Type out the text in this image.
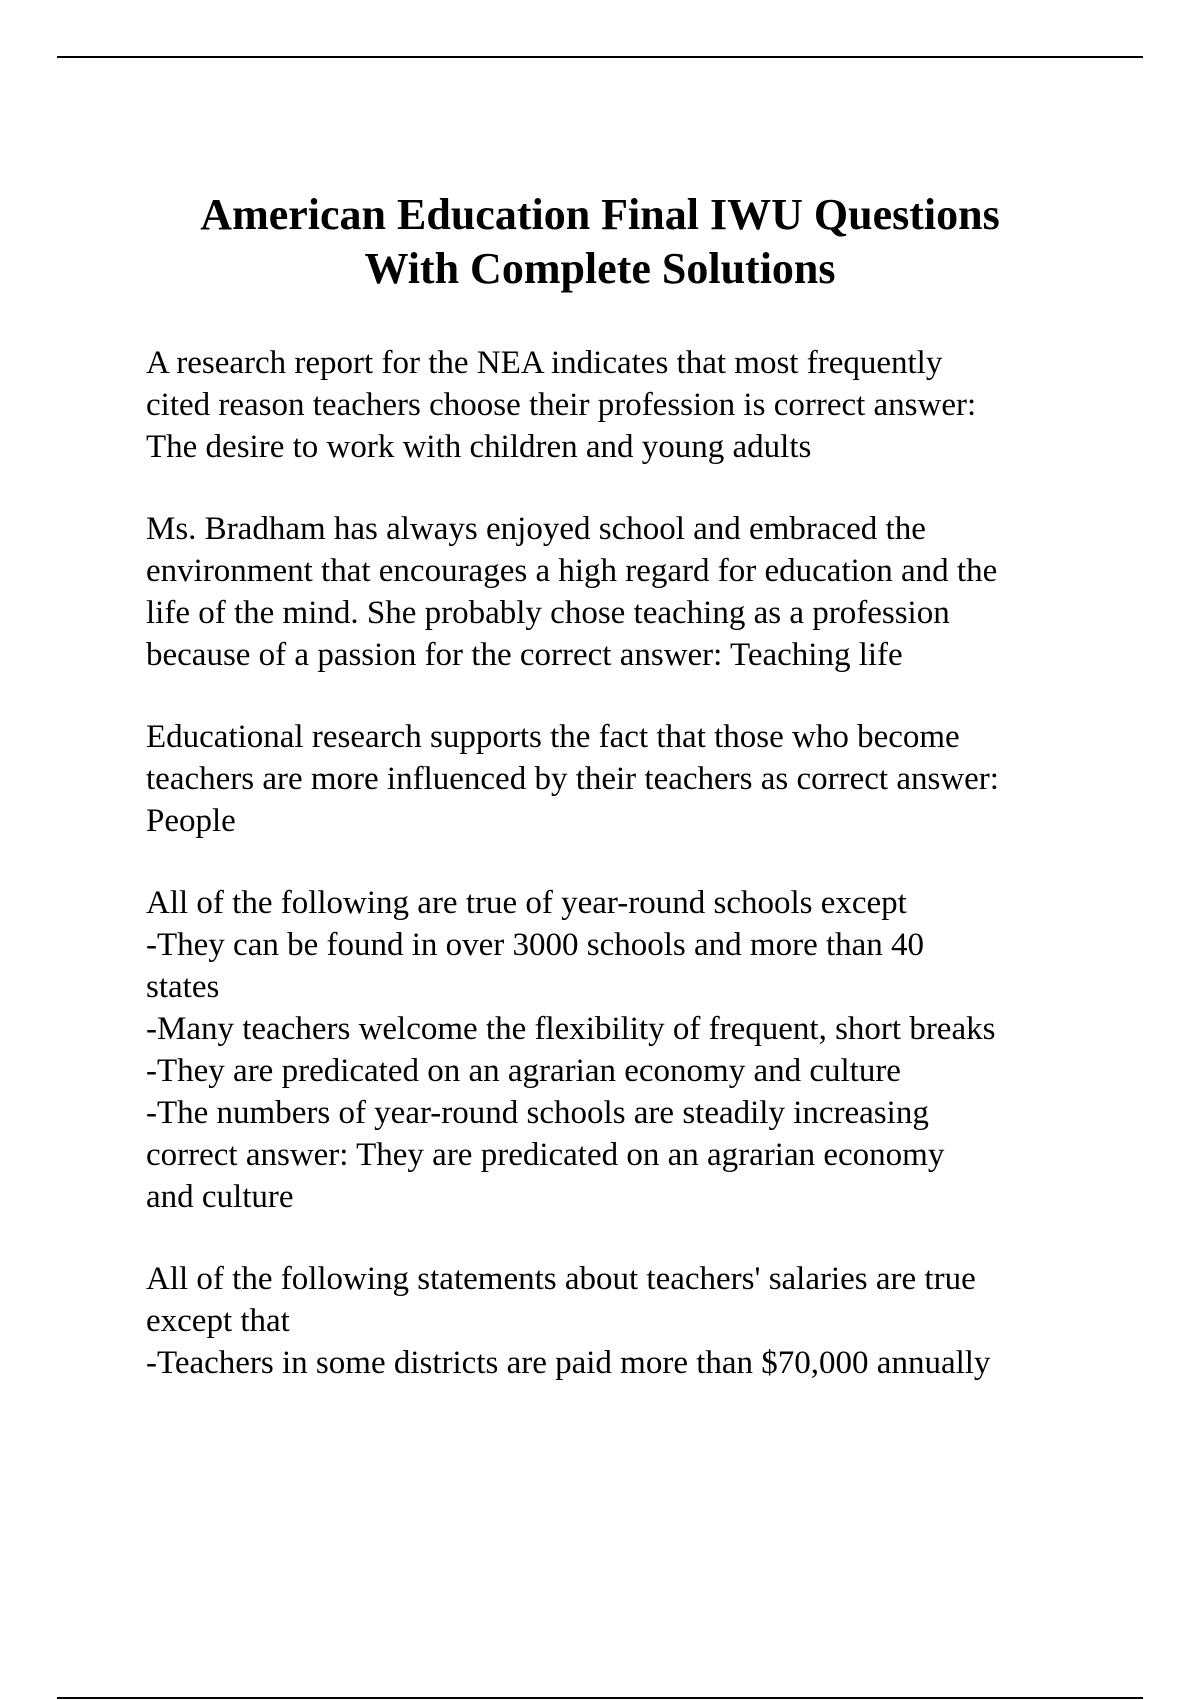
American Education Final IWU Questions
With Complete Solutions
A research report for the NEA indicates that most frequently
cited reason teachers choose their profession is correct answer:
The desire to work with children and young adults
Ms. Bradham has always enjoyed school and embraced the
environment that encourages a high regard for education and the
life of the mind. She probably chose teaching as a profession
because of a passion for the correct answer: Teaching life
Educational research supports the fact that those who become
teachers are more influenced by their teachers as correct answer:
People
All of the following are true of year-round schools except
-They can be found in over 3000 schools and more than 40
states
-Many teachers welcome the flexibility of frequent, short breaks
-They are predicated on an agrarian economy and culture
-The numbers of year-round schools are steadily increasing
correct answer: They are predicated on an agrarian economy
and culture
All of the following statements about teachers' salaries are true
except that
-Teachers in some districts are paid more than $70,000 annually
